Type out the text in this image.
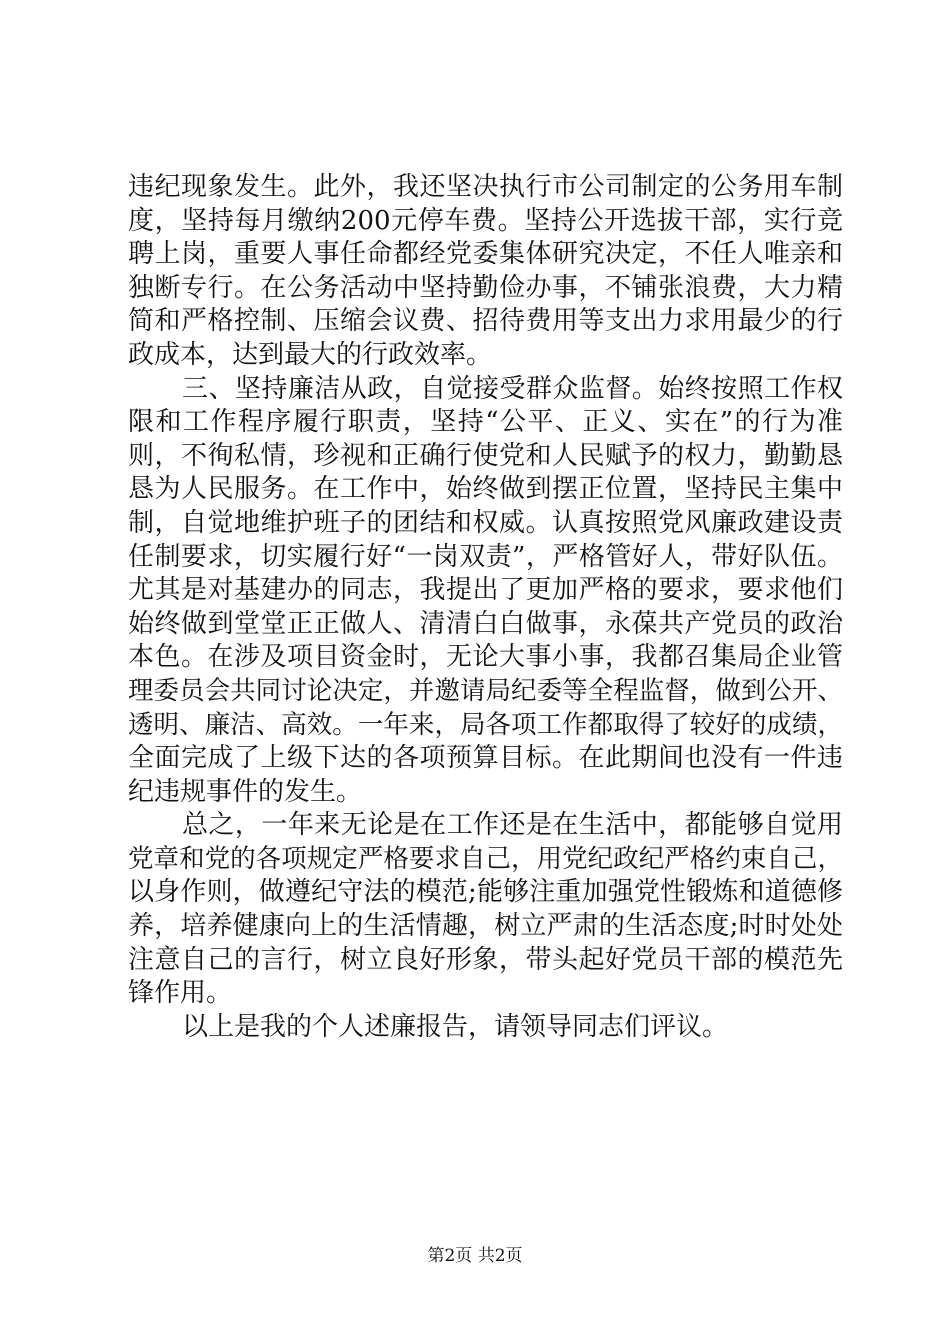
违纪现象发生。此外，我还坚决执行市公司制定的公务用车制
度，坚持每月缴纳200元停车费。坚持公开选拔干部，实行竞
聘上岗，重要人事任命都经党委集体研究决定，不任人唯亲和
独断专行。在公务活动中坚持勤俭办事，不铺张浪费，大力精
简和严格控制、压缩会议费、招待费用等支出力求用最少的行
政成本，达到最大的行政效率。
三、坚持廉洁从政，自觉接受群众监督。始终按照工作权
限和工作程序履行职责，坚持“公平、正义、实在”的行为准
则，不徇私情，珍视和正确行使党和人民赋予的权力，勤勤恳
恳为人民服务。在工作中，始终做到摆正位置，坚持民主集中
制，自觉地维护班子的团结和权威。认真按照党风廉政建设责
任制要求，切实履行好“一岗双责”，严格管好人，带好队伍。
尤其是对基建办的同志，我提出了更加严格的要求，要求他们
始终做到堂堂正正做人、清清白白做事，永葆共产党员的政治
本色。在涉及项目资金时，无论大事小事，我都召集局企业管
理委员会共同讨论决定，并邀请局纪委等全程监督，做到公开、
透明、廉洁、高效。一年来，局各项工作都取得了较好的成绩，
全面完成了上级下达的各项预算目标。在此期间也没有一件违
纪违规事件的发生。
总之，一年来无论是在工作还是在生活中，都能够自觉用
党章和党的各项规定严格要求自己，用党纪政纪严格约束自己，
以身作则，做遵纪守法的模范;能够注重加强党性锻炼和道德修
养，培养健康向上的生活情趣，树立严肃的生活态度;时时处处
注意自己的言行，树立良好形象，带头起好党员干部的模范先
锋作用。
以上是我的个人述廉报告，请领导同志们评议。
第2页 共2页
